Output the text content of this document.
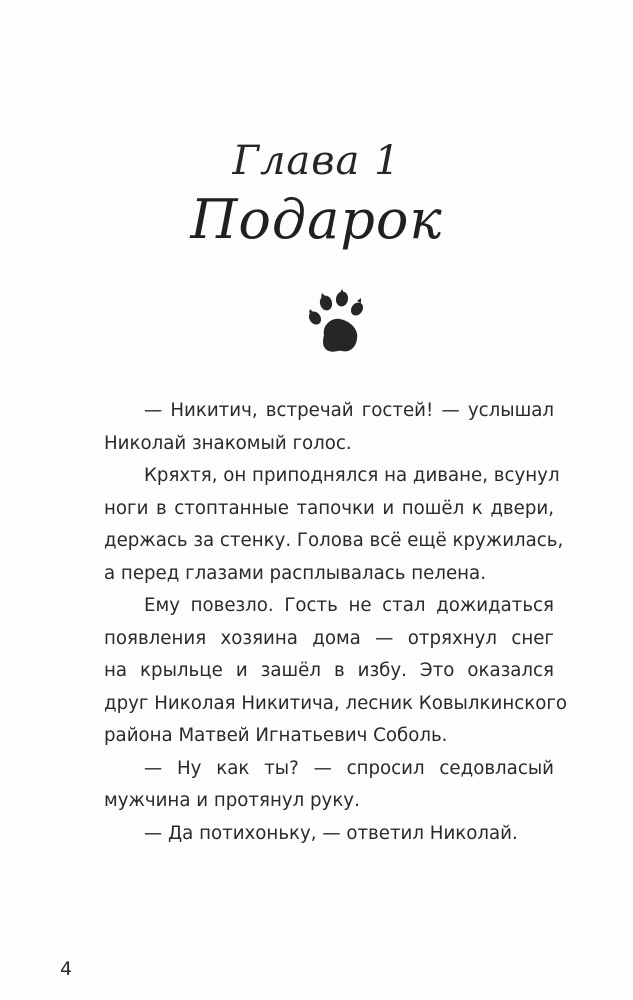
Глава 1
Подарок

— Никитич, встречай гостей! — услышал
Николай знакомый голос.

Кряхтя, он приподнялся на диване, всунул
ноги в стоптанные тапочки и пошёл к двери,
держась за стенку. Голова всё ещё кружилась,
а перед глазами расплывалась пелена.

Ему повезло. Гость не стал дожидаться
появления хозяина дома — отряхнул снег
на крыльце и зашёл в избу. Это оказался
друг Николая Никитича, лесник Ковылкинского
района Матвей Игнатьевич Соболь.

— Ну как ты? — спросил седовласый
мужчина и протянул руку.

— Да потихоньку, — ответил Николай.

4
